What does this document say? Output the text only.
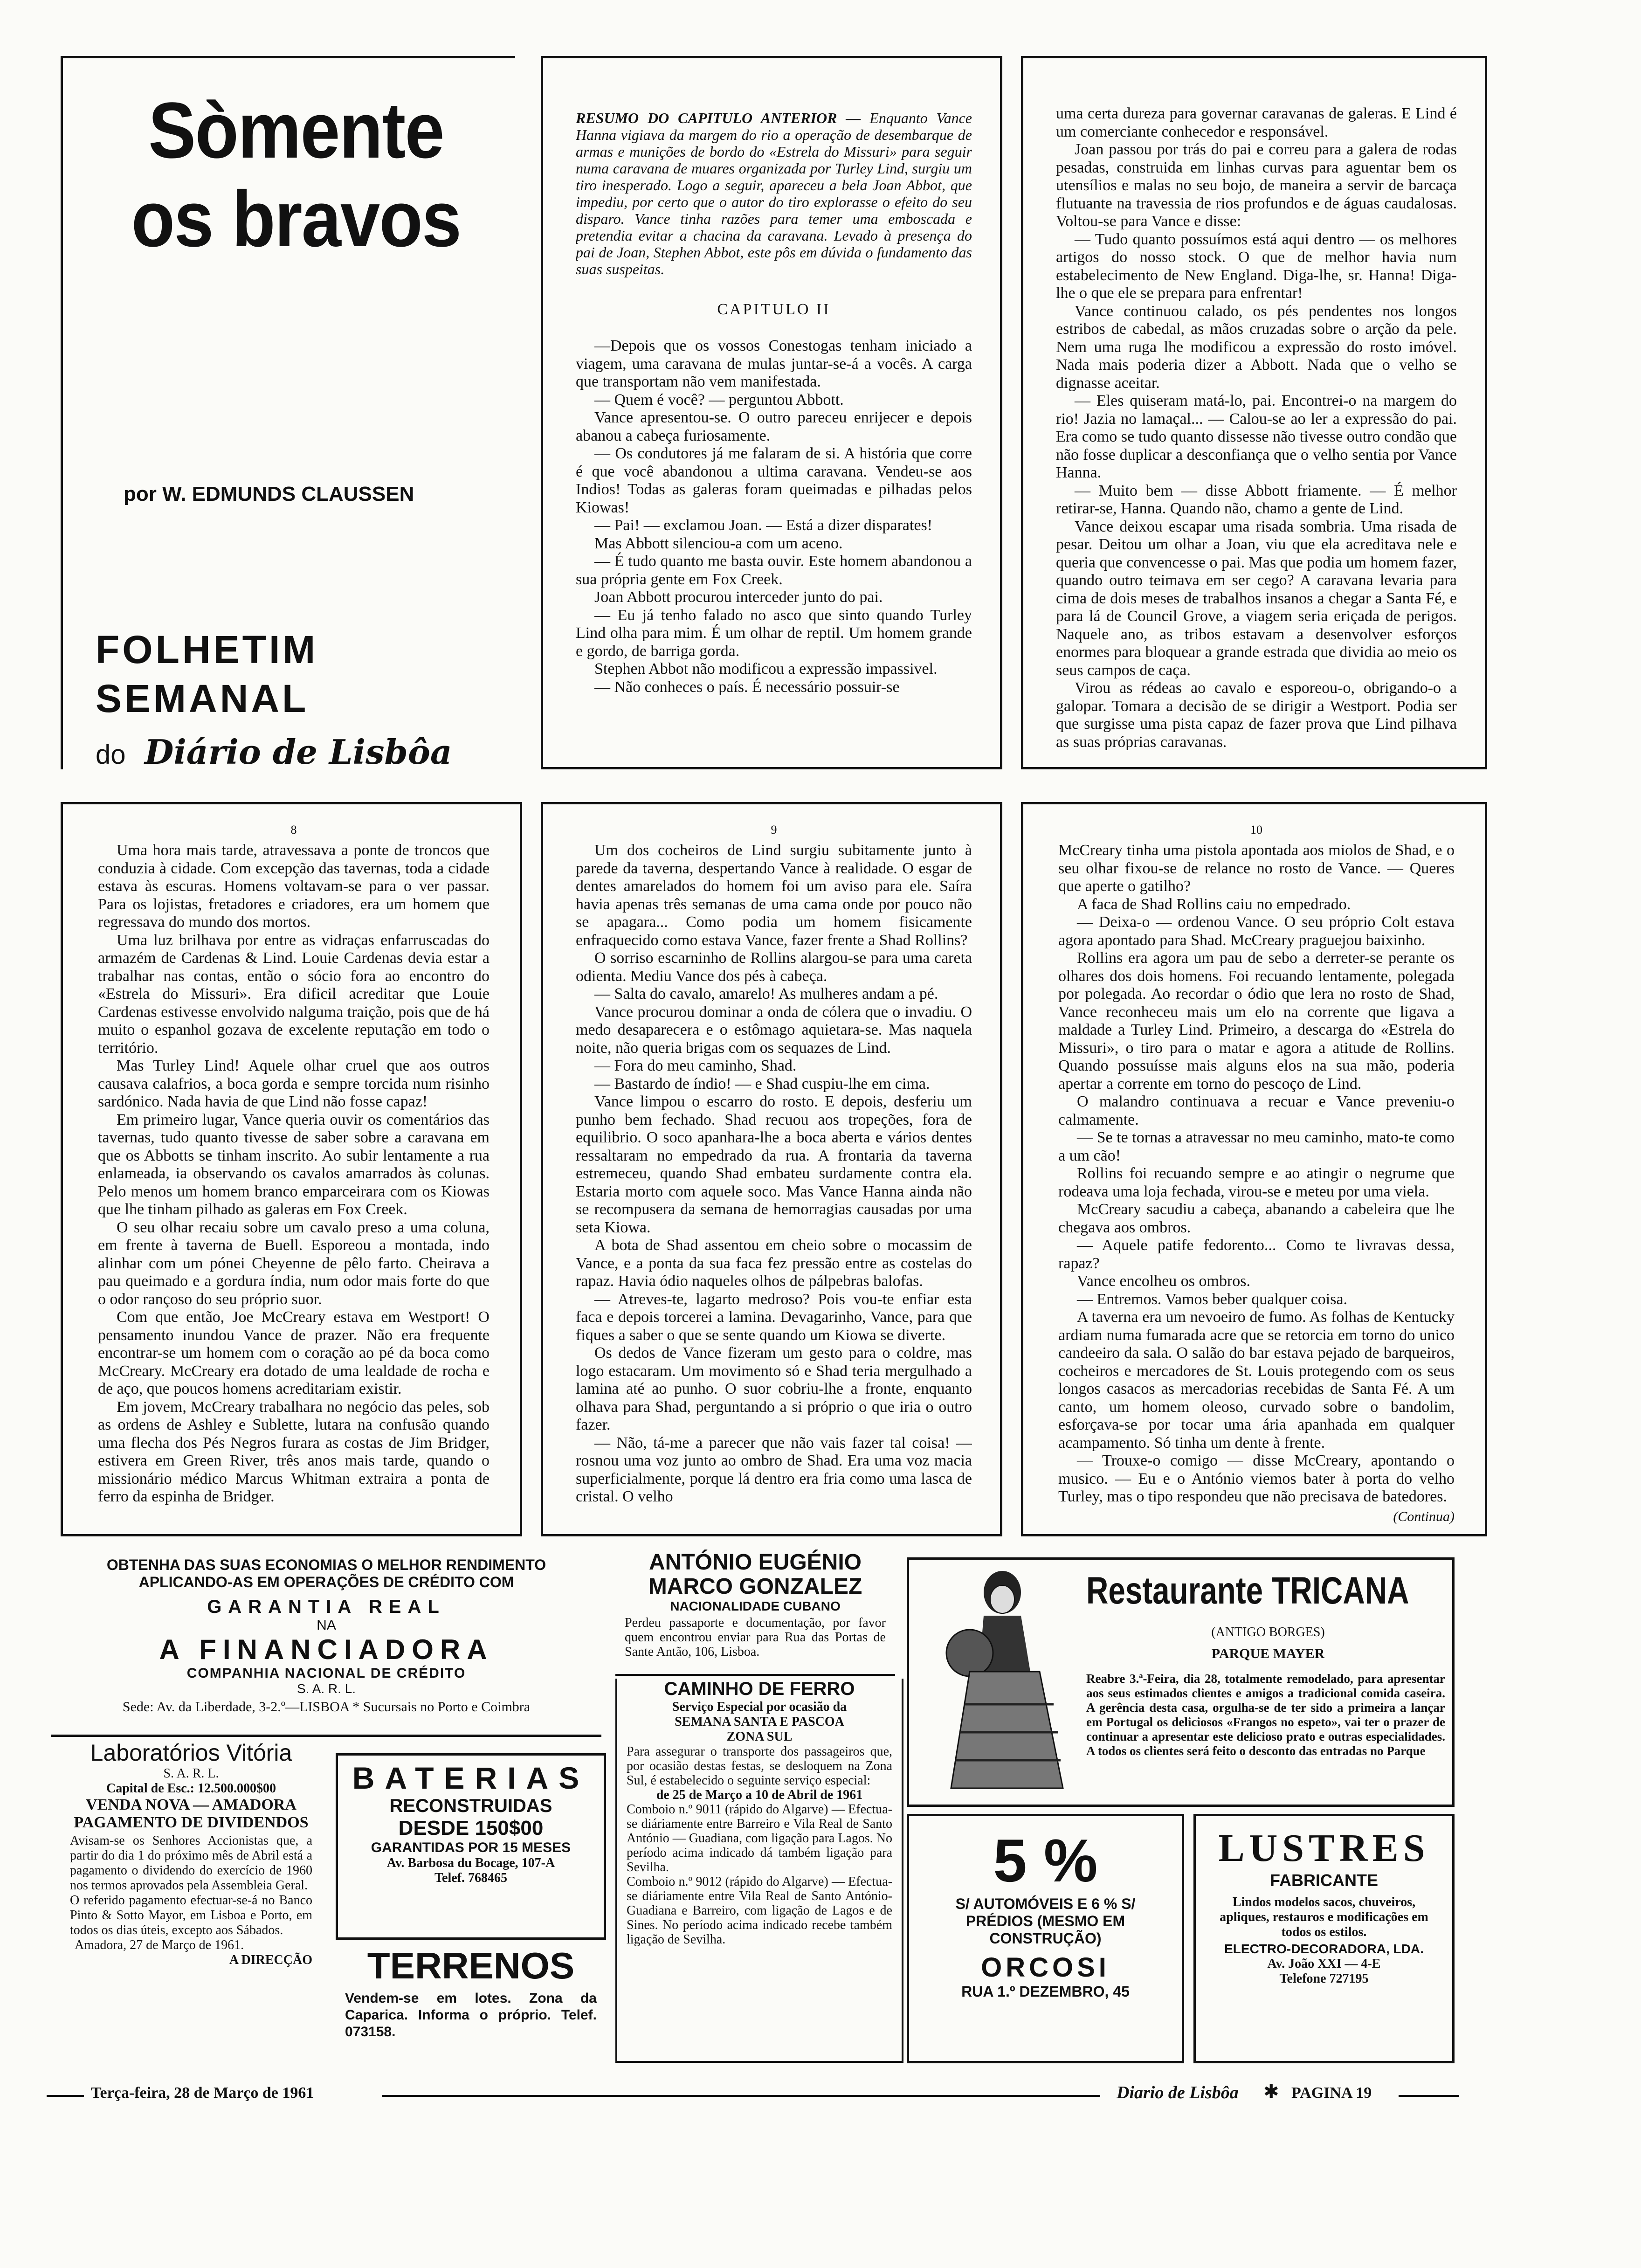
Sòmente
os bravos
por W. EDMUNDS CLAUSSEN
FOLHETIM
SEMANAL
do Diário de Lisbôa
RESUMO DO CAPITULO ANTERIOR — Enquanto Vance Hanna vigiava da margem do rio a operação de desembarque de armas e munições de bordo do «Estrela do Missuri» para seguir numa caravana de muares organizada por Turley Lind, surgiu um tiro inesperado. Logo a seguir, apareceu a bela Joan Abbot, que impediu, por certo que o autor do tiro explorasse o efeito do seu disparo. Vance tinha razões para temer uma emboscada e pretendia evitar a chacina da caravana. Levado à presença do pai de Joan, Stephen Abbot, este pôs em dúvida o fundamento das suas suspeitas.
CAPITULO II

—Depois que os vossos Conestogas tenham iniciado a viagem, uma caravana de mulas juntar-se-á a vocês. A carga que transportam não vem manifestada.

— Quem é você? — perguntou Abbott.

Vance apresentou-se. O outro pareceu enrijecer e depois abanou a cabeça furiosamente.

— Os condutores já me falaram de si. A história que corre é que você abandonou a ultima caravana. Vendeu-se aos Indios! Todas as galeras foram queimadas e pilhadas pelos Kiowas!

— Pai! — exclamou Joan. — Está a dizer disparates!

Mas Abbott silenciou-a com um aceno.

— É tudo quanto me basta ouvir. Este homem abandonou a sua própria gente em Fox Creek.

Joan Abbott procurou interceder junto do pai.

— Eu já tenho falado no asco que sinto quando Turley Lind olha para mim. É um olhar de reptil. Um homem grande e gordo, de barriga gorda.

Stephen Abbot não modificou a expressão impassivel.

— Não conheces o país. É necessário possuir-se

uma certa dureza para governar caravanas de galeras. E Lind é um comerciante conhecedor e responsável.

Joan passou por trás do pai e correu para a galera de rodas pesadas, construida em linhas curvas para aguentar bem os utensílios e malas no seu bojo, de maneira a servir de barcaça flutuante na travessia de rios profundos e de águas caudalosas. Voltou-se para Vance e disse:

— Tudo quanto possuímos está aqui dentro — os melhores artigos do nosso stock. O que de melhor havia num estabelecimento de New England. Diga-lhe, sr. Hanna! Diga-lhe o que ele se prepara para enfrentar!

Vance continuou calado, os pés pendentes nos longos estribos de cabedal, as mãos cruzadas sobre o arção da pele. Nem uma ruga lhe modificou a expressão do rosto imóvel. Nada mais poderia dizer a Abbott. Nada que o velho se dignasse aceitar.

— Eles quiseram matá-lo, pai. Encontrei-o na margem do rio! Jazia no lamaçal... — Calou-se ao ler a expressão do pai. Era como se tudo quanto dissesse não tivesse outro condão que não fosse duplicar a desconfiança que o velho sentia por Vance Hanna.

— Muito bem — disse Abbott friamente. — É melhor retirar-se, Hanna. Quando não, chamo a gente de Lind.

Vance deixou escapar uma risada sombria. Uma risada de pesar. Deitou um olhar a Joan, viu que ela acreditava nele e queria que convencesse o pai. Mas que podia um homem fazer, quando outro teimava em ser cego? A caravana levaria para cima de dois meses de trabalhos insanos a chegar a Santa Fé, e para lá de Council Grove, a viagem seria eriçada de perigos. Naquele ano, as tribos estavam a desenvolver esforços enormes para bloquear a grande estrada que dividia ao meio os seus campos de caça.

Virou as rédeas ao cavalo e esporeou-o, obrigando-o a galopar. Tomara a decisão de se dirigir a Westport. Podia ser que surgisse uma pista capaz de fazer prova que Lind pilhava as suas próprias caravanas.

8

Uma hora mais tarde, atravessava a ponte de troncos que conduzia à cidade. Com excepção das tavernas, toda a cidade estava às escuras. Homens voltavam-se para o ver passar. Para os lojistas, fretadores e criadores, era um homem que regressava do mundo dos mortos.

Uma luz brilhava por entre as vidraças enfarruscadas do armazém de Cardenas & Lind. Louie Cardenas devia estar a trabalhar nas contas, então o sócio fora ao encontro do «Estrela do Missuri». Era dificil acreditar que Louie Cardenas estivesse envolvido nalguma traição, pois que de há muito o espanhol gozava de excelente reputação em todo o território.

Mas Turley Lind! Aquele olhar cruel que aos outros causava calafrios, a boca gorda e sempre torcida num risinho sardónico. Nada havia de que Lind não fosse capaz!

Em primeiro lugar, Vance queria ouvir os comentários das tavernas, tudo quanto tivesse de saber sobre a caravana em que os Abbotts se tinham inscrito. Ao subir lentamente a rua enlameada, ia observando os cavalos amarrados às colunas. Pelo menos um homem branco emparceirara com os Kiowas que lhe tinham pilhado as galeras em Fox Creek.

O seu olhar recaiu sobre um cavalo preso a uma coluna, em frente à taverna de Buell. Esporeou a montada, indo alinhar com um pónei Cheyenne de pêlo farto. Cheirava a pau queimado e a gordura índia, num odor mais forte do que o odor rançoso do seu próprio suor.

Com que então, Joe McCreary estava em Westport! O pensamento inundou Vance de prazer. Não era frequente encontrar-se um homem com o coração ao pé da boca como McCreary. McCreary era dotado de uma lealdade de rocha e de aço, que poucos homens acreditariam existir.

Em jovem, McCreary trabalhara no negócio das peles, sob as ordens de Ashley e Sublette, lutara na confusão quando uma flecha dos Pés Negros furara as costas de Jim Bridger, estivera em Green River, três anos mais tarde, quando o missionário médico Marcus Whitman extraira a ponta de ferro da espinha de Bridger.

9

Um dos cocheiros de Lind surgiu subitamente junto à parede da taverna, despertando Vance à realidade. O esgar de dentes amarelados do homem foi um aviso para ele. Saíra havia apenas três semanas de uma cama onde por pouco não se apagara... Como podia um homem fisicamente enfraquecido como estava Vance, fazer frente a Shad Rollins?

O sorriso escarninho de Rollins alargou-se para uma careta odienta. Mediu Vance dos pés à cabeça.

— Salta do cavalo, amarelo! As mulheres andam a pé.

Vance procurou dominar a onda de cólera que o invadiu. O medo desaparecera e o estômago aquietara-se. Mas naquela noite, não queria brigas com os sequazes de Lind.

— Fora do meu caminho, Shad.

— Bastardo de índio! — e Shad cuspiu-lhe em cima.

Vance limpou o escarro do rosto. E depois, desferiu um punho bem fechado. Shad recuou aos tropeções, fora de equilibrio. O soco apanhara-lhe a boca aberta e vários dentes ressaltaram no empedrado da rua. A frontaria da taverna estremeceu, quando Shad embateu surdamente contra ela. Estaria morto com aquele soco. Mas Vance Hanna ainda não se recompusera da semana de hemorragias causadas por uma seta Kiowa.

A bota de Shad assentou em cheio sobre o mocassim de Vance, e a ponta da sua faca fez pressão entre as costelas do rapaz. Havia ódio naqueles olhos de pálpebras balofas.

— Atreves-te, lagarto medroso? Pois vou-te enfiar esta faca e depois torcerei a lamina. Devagarinho, Vance, para que fiques a saber o que se sente quando um Kiowa se diverte.

Os dedos de Vance fizeram um gesto para o coldre, mas logo estacaram. Um movimento só e Shad teria mergulhado a lamina até ao punho. O suor cobriu-lhe a fronte, enquanto olhava para Shad, perguntando a si próprio o que iria o outro fazer.

— Não, tá-me a parecer que não vais fazer tal coisa! — rosnou uma voz junto ao ombro de Shad. Era uma voz macia superficialmente, porque lá dentro era fria como uma lasca de cristal. O velho

10

McCreary tinha uma pistola apontada aos miolos de Shad, e o seu olhar fixou-se de relance no rosto de Vance. — Queres que aperte o gatilho?

A faca de Shad Rollins caiu no empedrado.

— Deixa-o — ordenou Vance. O seu próprio Colt estava agora apontado para Shad. McCreary praguejou baixinho.

Rollins era agora um pau de sebo a derreter-se perante os olhares dos dois homens. Foi recuando lentamente, polegada por polegada. Ao recordar o ódio que lera no rosto de Shad, Vance reconheceu mais um elo na corrente que ligava a maldade a Turley Lind. Primeiro, a descarga do «Estrela do Missuri», o tiro para o matar e agora a atitude de Rollins. Quando possuísse mais alguns elos na sua mão, poderia apertar a corrente em torno do pescoço de Lind.

O malandro continuava a recuar e Vance preveniu-o calmamente.

— Se te tornas a atravessar no meu caminho, mato-te como a um cão!

Rollins foi recuando sempre e ao atingir o negrume que rodeava uma loja fechada, virou-se e meteu por uma viela.

McCreary sacudiu a cabeça, abanando a cabeleira que lhe chegava aos ombros.

— Aquele patife fedorento... Como te livravas dessa, rapaz?

Vance encolheu os ombros.

— Entremos. Vamos beber qualquer coisa.

A taverna era um nevoeiro de fumo. As folhas de Kentucky ardiam numa fumarada acre que se retorcia em torno do unico candeeiro da sala. O salão do bar estava pejado de barqueiros, cocheiros e mercadores de St. Louis protegendo com os seus longos casacos as mercadorias recebidas de Santa Fé. A um canto, um homem oleoso, curvado sobre o bandolim, esforçava-se por tocar uma ária apanhada em qualquer acampamento. Só tinha um dente à frente.

— Trouxe-o comigo — disse McCreary, apontando o musico. — Eu e o António viemos bater à porta do velho Turley, mas o tipo respondeu que não precisava de batedores.

(Continua)
OBTENHA DAS SUAS ECONOMIAS O MELHOR RENDIMENTO
APLICANDO-AS EM OPERAÇÕES DE CRÉDITO COM
GARANTIA REAL
NA
A FINANCIADORA
COMPANHIA NACIONAL DE CRÉDITO
S. A. R. L.
Sede: Av. da Liberdade, 3-2.º—LISBOA * Sucursais no Porto e Coimbra
ANTÓNIO EUGÉNIO
MARCO GONZALEZ
NACIONALIDADE CUBANO
Perdeu passaporte e documentação, por favor quem encontrou enviar para Rua das Portas de Sante Antão, 106, Lisboa.
CAMINHO DE FERRO
Serviço Especial por ocasião da
SEMANA SANTA E PASCOA
ZONA SUL
Para assegurar o transporte dos passageiros que, por ocasião destas festas, se desloquem na Zona Sul, é estabelecido o seguinte serviço especial:
de 25 de Março a 10 de Abril de 1961
Comboio n.º 9011 (rápido do Algarve) — Efectua-se diáriamente entre Barreiro e Vila Real de Santo António — Guadiana, com ligação para Lagos. No período acima indicado dá também ligação para Sevilha.
Comboio n.º 9012 (rápido do Algarve) — Efectua-se diáriamente entre Vila Real de Santo António-Guadiana e Barreiro, com ligação de Lagos e de Sines. No período acima indicado recebe também ligação de Sevilha.
Restaurante TRICANA
(ANTIGO BORGES)
PARQUE MAYER
Reabre 3.ª-Feira, dia 28, totalmente remodelado, para apresentar aos seus estimados clientes e amigos a tradicional comida caseira. A gerência desta casa, orgulha-se de ter sido a primeira a lançar em Portugal os deliciosos «Frangos no espeto», vai ter o prazer de continuar a apresentar este delicioso prato e outras especialidades. A todos os clientes será feito o desconto das entradas no Parque
Laboratórios Vitória
S. A. R. L.
Capital de Esc.: 12.500.000$00
VENDA NOVA — AMADORA
PAGAMENTO DE DIVIDENDOS
Avisam-se os Senhores Accionistas que, a partir do dia 1 do próximo mês de Abril está a pagamento o dividendo do exercício de 1960 nos termos aprovados pela Assembleia Geral.
O referido pagamento efectuar-se-á no Banco Pinto & Sotto Mayor, em Lisboa e Porto, em todos os dias úteis, excepto aos Sábados.
Amadora, 27 de Março de 1961.
A DIRECÇÃO
BATERIAS
RECONSTRUIDAS
DESDE 150$00
GARANTIDAS POR 15 MESES
Av. Barbosa du Bocage, 107-A
Telef. 768465
TERRENOS
Vendem-se em lotes. Zona da Caparica. Informa o próprio. Telef. 073158.
5 %
S/ AUTOMÓVEIS E 6 % S/
PRÉDIOS (MESMO EM
CONSTRUÇÃO)
ORCOSI
RUA 1.º DEZEMBRO, 45
LUSTRES
FABRICANTE
Lindos modelos sacos, chuveiros, apliques, restauros e modificações em todos os estilos.
ELECTRO-DECORADORA, LDA.
Av. João XXI — 4-E
Telefone 727195
Terça-feira, 28 de Março de 1961	Diario de Lisbôa ✱ PAGINA 19
